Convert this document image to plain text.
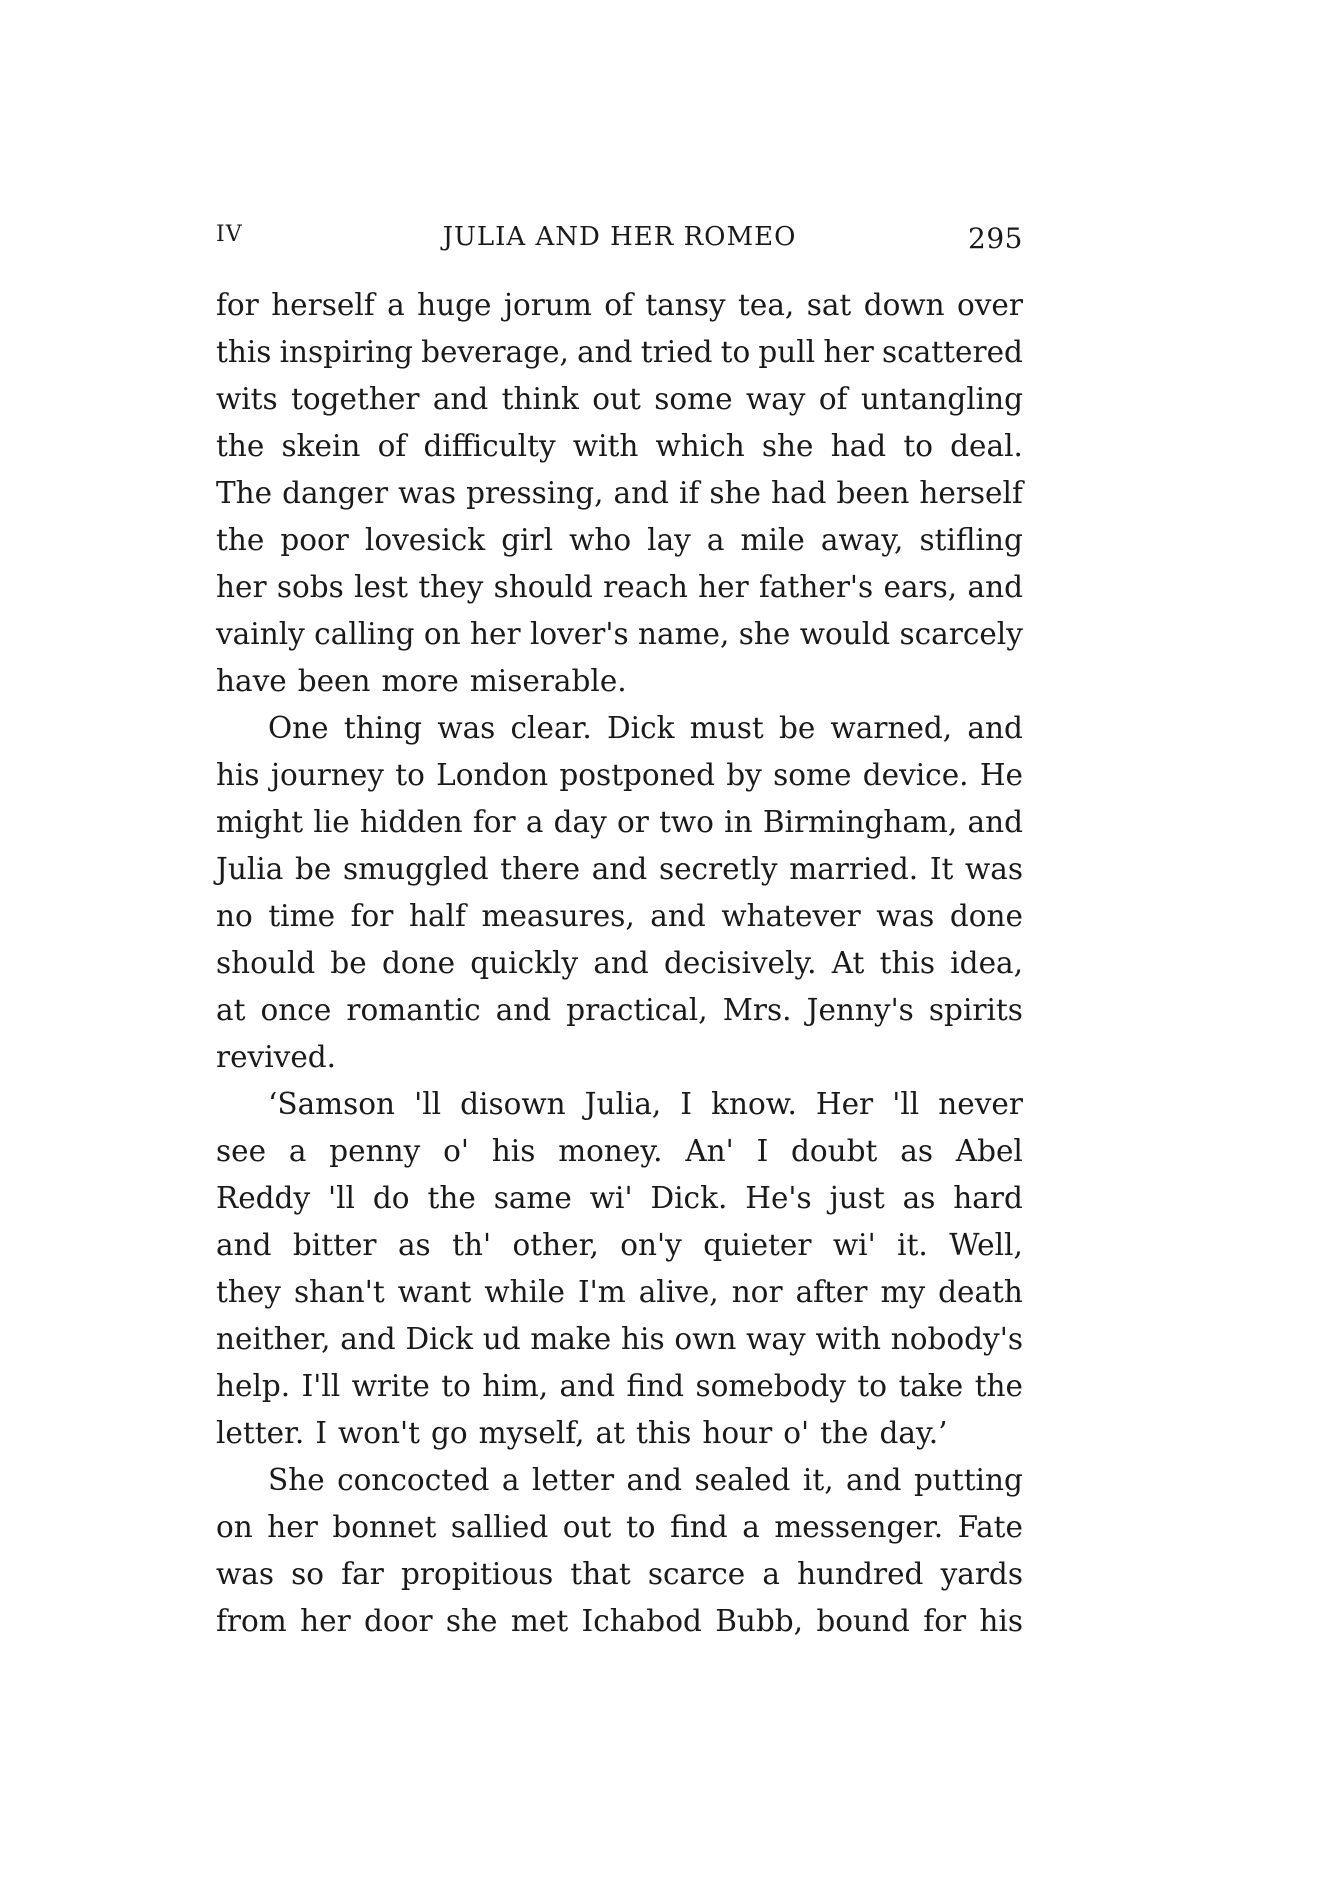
IV	JULIA AND HER ROMEO	295
for herself a huge jorum of tansy tea, sat down over
this inspiring beverage, and tried to pull her scattered
wits together and think out some way of untangling
the skein of difficulty with which she had to deal.
The danger was pressing, and if she had been herself
the poor lovesick girl who lay a mile away, stifling
her sobs lest they should reach her father's ears, and
vainly calling on her lover's name, she would scarcely
have been more miserable.
One thing was clear. Dick must be warned, and
his journey to London postponed by some device. He
might lie hidden for a day or two in Birmingham, and
Julia be smuggled there and secretly married. It was
no time for half measures, and whatever was done
should be done quickly and decisively. At this idea,
at once romantic and practical, Mrs. Jenny's spirits
revived.
‘Samson 'll disown Julia, I know. Her 'll never
see a penny o' his money. An' I doubt as Abel
Reddy 'll do the same wi' Dick. He's just as hard
and bitter as th' other, on'y quieter wi' it. Well,
they shan't want while I'm alive, nor after my death
neither, and Dick ud make his own way with nobody's
help. I'll write to him, and find somebody to take the
letter. I won't go myself, at this hour o' the day.’
She concocted a letter and sealed it, and putting
on her bonnet sallied out to find a messenger. Fate
was so far propitious that scarce a hundred yards
from her door she met Ichabod Bubb, bound for his
